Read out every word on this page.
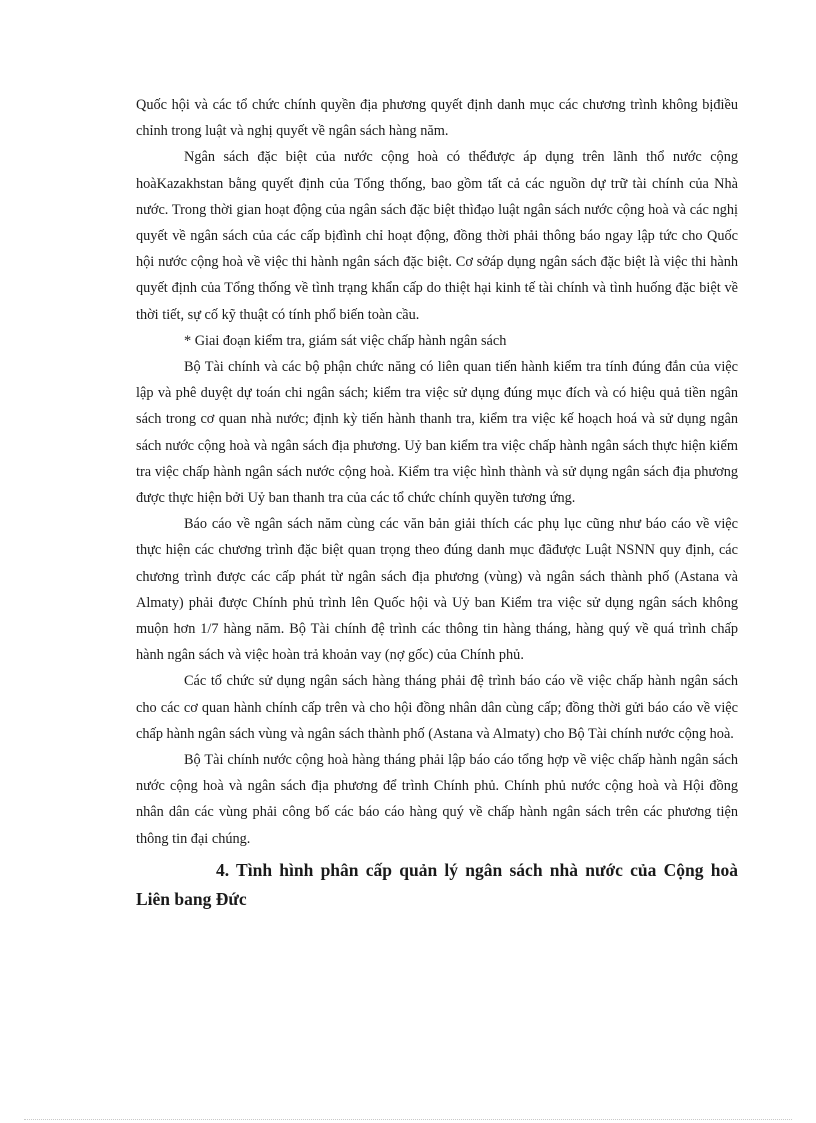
Quốc hội và các tổ chức chính quyền địa phương quyết định danh mục các chương trình không bịđiều chỉnh trong luật và nghị quyết về ngân sách hàng năm.

Ngân sách đặc biệt của nước cộng hoà có thểđược áp dụng trên lãnh thổ nước cộng hoàKazakhstan bằng quyết định của Tổng thống, bao gồm tất cả các nguồn dự trữ tài chính của Nhà nước. Trong thời gian hoạt động của ngân sách đặc biệt thìđạo luật ngân sách nước cộng hoà và các nghị quyết về ngân sách của các cấp bịđình chỉ hoạt động, đồng thời phải thông báo ngay lập tức cho Quốc hội nước cộng hoà về việc thi hành ngân sách đặc biệt. Cơ sởáp dụng ngân sách đặc biệt là việc thi hành quyết định của Tổng thống về tình trạng khẩn cấp do thiệt hại kinh tế tài chính và tình huống đặc biệt về thời tiết, sự cố kỹ thuật có tính phổ biến toàn cầu.

* Giai đoạn kiểm tra, giám sát việc chấp hành ngân sách

Bộ Tài chính và các bộ phận chức năng có liên quan tiến hành kiểm tra tính đúng đắn của việc lập và phê duyệt dự toán chi ngân sách; kiểm tra việc sử dụng đúng mục đích và có hiệu quả tiền ngân sách trong cơ quan nhà nước; định kỳ tiến hành thanh tra, kiểm tra việc kế hoạch hoá và sử dụng ngân sách nước cộng hoà và ngân sách địa phương. Uỷ ban kiểm tra việc chấp hành ngân sách thực hiện kiểm tra việc chấp hành ngân sách nước cộng hoà. Kiểm tra việc hình thành và sử dụng ngân sách địa phương được thực hiện bởi Uỷ ban thanh tra của các tổ chức chính quyền tương ứng.

Báo cáo về ngân sách năm cùng các văn bản giải thích các phụ lục cũng như báo cáo về việc thực hiện các chương trình đặc biệt quan trọng theo đúng danh mục đãđược Luật NSNN quy định, các chương trình được các cấp phát từ ngân sách địa phương (vùng) và ngân sách thành phố (Astana và Almaty) phải được Chính phủ trình lên Quốc hội và Uỷ ban Kiểm tra việc sử dụng ngân sách không muộn hơn 1/7 hàng năm. Bộ Tài chính đệ trình các thông tin hàng tháng, hàng quý về quá trình chấp hành ngân sách và việc hoàn trả khoản vay (nợ gốc) của Chính phủ.

Các tổ chức sử dụng ngân sách hàng tháng phải đệ trình báo cáo về việc chấp hành ngân sách cho các cơ quan hành chính cấp trên và cho hội đồng nhân dân cùng cấp; đồng thời gửi báo cáo về việc chấp hành ngân sách vùng và ngân sách thành phố (Astana và Almaty) cho Bộ Tài chính nước cộng hoà.

Bộ Tài chính nước cộng hoà hàng tháng phải lập báo cáo tổng hợp về việc chấp hành ngân sách nước cộng hoà và ngân sách địa phương để trình Chính phủ. Chính phủ nước cộng hoà và Hội đồng nhân dân các vùng phải công bố các báo cáo hàng quý về chấp hành ngân sách trên các phương tiện thông tin đại chúng.

4. Tình hình phân cấp quản lý ngân sách nhà nước của Cộng hoà Liên bang Đức
